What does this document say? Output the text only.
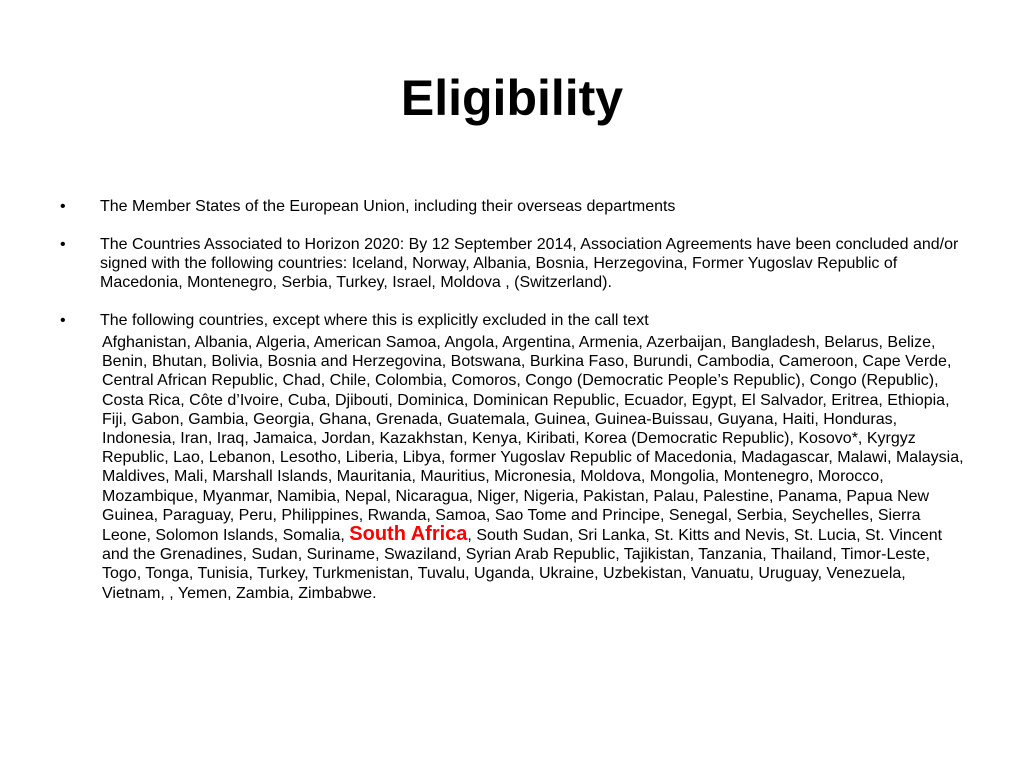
Eligibility
•	The Member States of the European Union, including their overseas departments
•	The Countries Associated to Horizon 2020: By 12 September 2014, Association Agreements have been concluded and/or signed with the following countries: Iceland, Norway, Albania, Bosnia, Herzegovina, Former Yugoslav Republic of Macedonia, Montenegro, Serbia, Turkey, Israel, Moldova , (Switzerland).
•	The following countries, except where this is explicitly excluded in the call text
Afghanistan, Albania, Algeria, American Samoa, Angola, Argentina, Armenia, Azerbaijan, Bangladesh, Belarus, Belize, Benin, Bhutan, Bolivia, Bosnia and Herzegovina, Botswana, Burkina Faso, Burundi, Cambodia, Cameroon, Cape Verde, Central African Republic, Chad, Chile, Colombia, Comoros, Congo (Democratic People’s Republic), Congo (Republic), Costa Rica, Côte d’Ivoire, Cuba, Djibouti, Dominica, Dominican Republic, Ecuador, Egypt, El Salvador, Eritrea, Ethiopia, Fiji, Gabon, Gambia, Georgia, Ghana, Grenada, Guatemala, Guinea, Guinea-Buissau, Guyana, Haiti, Honduras, Indonesia, Iran, Iraq, Jamaica, Jordan, Kazakhstan, Kenya, Kiribati, Korea (Democratic Republic), Kosovo*, Kyrgyz Republic, Lao, Lebanon, Lesotho, Liberia, Libya, former Yugoslav Republic of Macedonia, Madagascar, Malawi, Malaysia, Maldives, Mali, Marshall Islands, Mauritania, Mauritius, Micronesia, Moldova, Mongolia, Montenegro, Morocco, Mozambique, Myanmar, Namibia, Nepal, Nicaragua, Niger, Nigeria, Pakistan, Palau, Palestine, Panama, Papua New Guinea, Paraguay, Peru, Philippines, Rwanda, Samoa, Sao Tome and Principe, Senegal, Serbia, Seychelles, Sierra Leone, Solomon Islands, Somalia, South Africa, South Sudan, Sri Lanka, St. Kitts and Nevis, St. Lucia, St. Vincent and the Grenadines, Sudan, Suriname, Swaziland, Syrian Arab Republic, Tajikistan, Tanzania, Thailand, Timor-Leste, Togo, Tonga, Tunisia, Turkey, Turkmenistan, Tuvalu, Uganda, Ukraine, Uzbekistan, Vanuatu, Uruguay, Venezuela, Vietnam, , Yemen, Zambia, Zimbabwe.
